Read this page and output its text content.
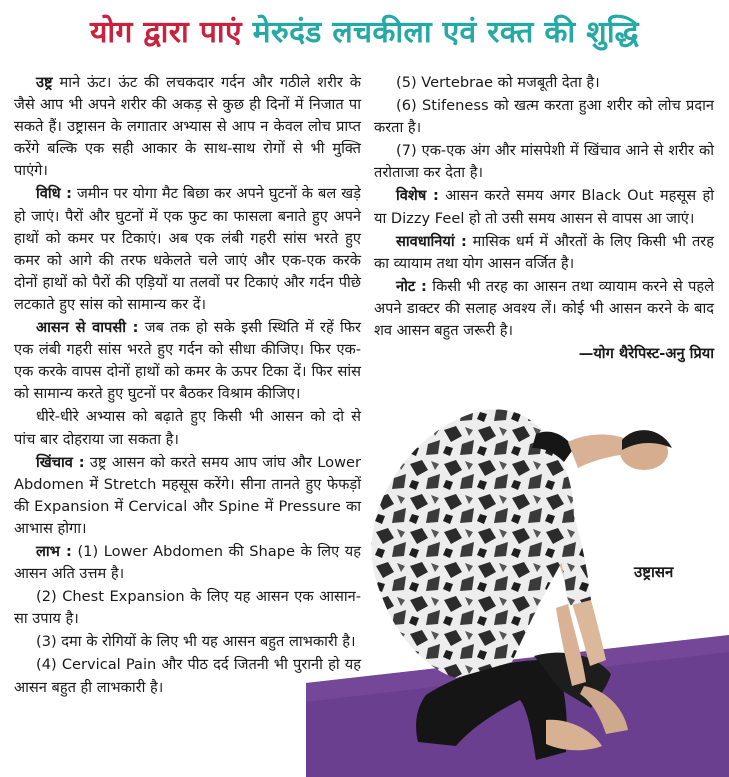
योग द्वारा पाएं मेरुदंड लचकीला एवं रक्त की शुद्धि

उष्ट्र माने ऊंट। ऊंट की लचकदार गर्दन और गठीले शरीर के जैसे आप भी अपने शरीर की अकड़ से कुछ ही दिनों में निजात पा सकते हैं। उष्ट्रासन के लगातार अभ्यास से आप न केवल लोच प्राप्त करेंगे बल्कि एक सही आकार के साथ-साथ रोगों से भी मुक्ति पाएंगे।

विधि : जमीन पर योगा मैट बिछा कर अपने घुटनों के बल खड़े हो जाएं। पैरों और घुटनों में एक फुट का फासला बनाते हुए अपने हाथों को कमर पर टिकाएं। अब एक लंबी गहरी सांस भरते हुए कमर को आगे की तरफ धकेलते चले जाएं और एक-एक करके दोनों हाथों को पैरों की एड़ियों या तलवों पर टिकाएं और गर्दन पीछे लटकाते हुए सांस को सामान्य कर दें।

आसन से वापसी : जब तक हो सके इसी स्थिति में रहें फिर एक लंबी गहरी सांस भरते हुए गर्दन को सीधा कीजिए। फिर एक-एक करके वापस दोनों हाथों को कमर के ऊपर टिका दें। फिर सांस को सामान्य करते हुए घुटनों पर बैठकर विश्राम कीजिए।

धीरे-धीरे अभ्यास को बढ़ाते हुए किसी भी आसन को दो से पांच बार दोहराया जा सकता है।

खिंचाव : उष्ट्र आसन को करते समय आप जांघ और Lower Abdomen में Stretch महसूस करेंगे। सीना तानते हुए फेफड़ों की Expansion में Cervical और Spine में Pressure का आभास होगा।

लाभ : (1) Lower Abdomen की Shape के लिए यह आसन अति उत्तम है।

(2) Chest Expansion के लिए यह आसन एक आसान-सा उपाय है।

(3) दमा के रोगियों के लिए भी यह आसन बहुत लाभकारी है।

(4) Cervical Pain और पीठ दर्द जितनी भी पुरानी हो यह आसन बहुत ही लाभकारी है।

(5) Vertebrae को मजबूती देता है।

(6) Stifeness को खत्म करता हुआ शरीर को लोच प्रदान करता है।

(7) एक-एक अंग और मांसपेशी में खिंचाव आने से शरीर को तरोताजा कर देता है।

विशेष : आसन करते समय अगर Black Out महसूस हो या Dizzy Feel हो तो उसी समय आसन से वापस आ जाएं।

सावधानियां : मासिक धर्म में औरतों के लिए किसी भी तरह का व्यायाम तथा योग आसन वर्जित है।

नोट : किसी भी तरह का आसन तथा व्यायाम करने से पहले अपने डाक्टर की सलाह अवश्य लें। कोई भी आसन करने के बाद शव आसन बहुत जरूरी है।

—योग थैरेपिस्ट-अनु प्रिया
उष्ट्रासन
